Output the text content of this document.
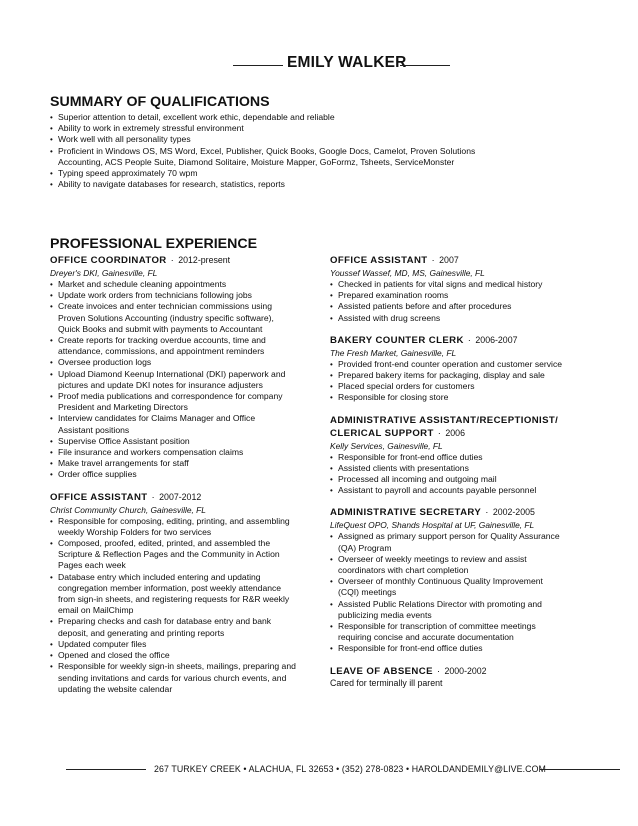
EMILY WALKER
SUMMARY OF QUALIFICATIONS
• Superior attention to detail, excellent work ethic, dependable and reliable
• Ability to work in extremely stressful environment
• Work well with all personality types
• Proficient in Windows OS, MS Word, Excel, Publisher, Quick Books, Google Docs, Camelot, Proven Solutions
Accounting, ACS People Suite, Diamond Solitaire, Moisture Mapper, GoFormz, Tsheets, ServiceMonster
• Typing speed approximately 70 wpm
• Ability to navigate databases for research, statistics, reports
PROFESSIONAL EXPERIENCE
OFFICE COORDINATOR · 2012-present
Dreyer's DKI, Gainesville, FL
• Market and schedule cleaning appointments
• Update work orders from technicians following jobs
• Create invoices and enter technician commissions using
Proven Solutions Accounting (industry specific software),
Quick Books and submit with payments to Accountant
• Create reports for tracking overdue accounts, time and
attendance, commissions, and appointment reminders
• Oversee production logs
• Upload Diamond Keenup International (DKI) paperwork and
pictures and update DKI notes for insurance adjusters
• Proof media publications and correspondence for company
President and Marketing Directors
• Interview candidates for Claims Manager and Office
Assistant positions
• Supervise Office Assistant position
• File insurance and workers compensation claims
• Make travel arrangements for staff
• Order office supplies
OFFICE ASSISTANT · 2007-2012
Christ Community Church, Gainesville, FL
• Responsible for composing, editing, printing, and assembling
weekly Worship Folders for two services
• Composed, proofed, edited, printed, and assembled the
Scripture & Reflection Pages and the Community in Action
Pages each week
• Database entry which included entering and updating
congregation member information, post weekly attendance
from sign-in sheets, and registering requests for R&R weekly
email on MailChimp
• Preparing checks and cash for database entry and bank
deposit, and generating and printing reports
• Updated computer files
• Opened and closed the office
• Responsible for weekly sign-in sheets, mailings, preparing and
sending invitations and cards for various church events, and
updating the website calendar
OFFICE ASSISTANT · 2007
Youssef Wassef, MD, MS, Gainesville, FL
• Checked in patients for vital signs and medical history
• Prepared examination rooms
• Assisted patients before and after procedures
• Assisted with drug screens
BAKERY COUNTER CLERK · 2006-2007
The Fresh Market, Gainesville, FL
• Provided front-end counter operation and customer service
• Prepared bakery items for packaging, display and sale
• Placed special orders for customers
• Responsible for closing store
ADMINISTRATIVE ASSISTANT/RECEPTIONIST/
CLERICAL SUPPORT · 2006
Kelly Services, Gainesville, FL
• Responsible for front-end office duties
• Assisted clients with presentations
• Processed all incoming and outgoing mail
• Assistant to payroll and accounts payable personnel
ADMINISTRATIVE SECRETARY · 2002-2005
LifeQuest OPO, Shands Hospital at UF, Gainesville, FL
• Assigned as primary support person for Quality Assurance
(QA) Program
• Overseer of weekly meetings to review and assist
coordinators with chart completion
• Overseer of monthly Continuous Quality Improvement
(CQI) meetings
• Assisted Public Relations Director with promoting and
publicizing media events
• Responsible for transcription of committee meetings
requiring concise and accurate documentation
• Responsible for front-end office duties
LEAVE OF ABSENCE · 2000-2002
Cared for terminally ill parent
267 TURKEY CREEK • ALACHUA, FL 32653 • (352) 278-0823 • HAROLDANDEMILY@LIVE.COM
